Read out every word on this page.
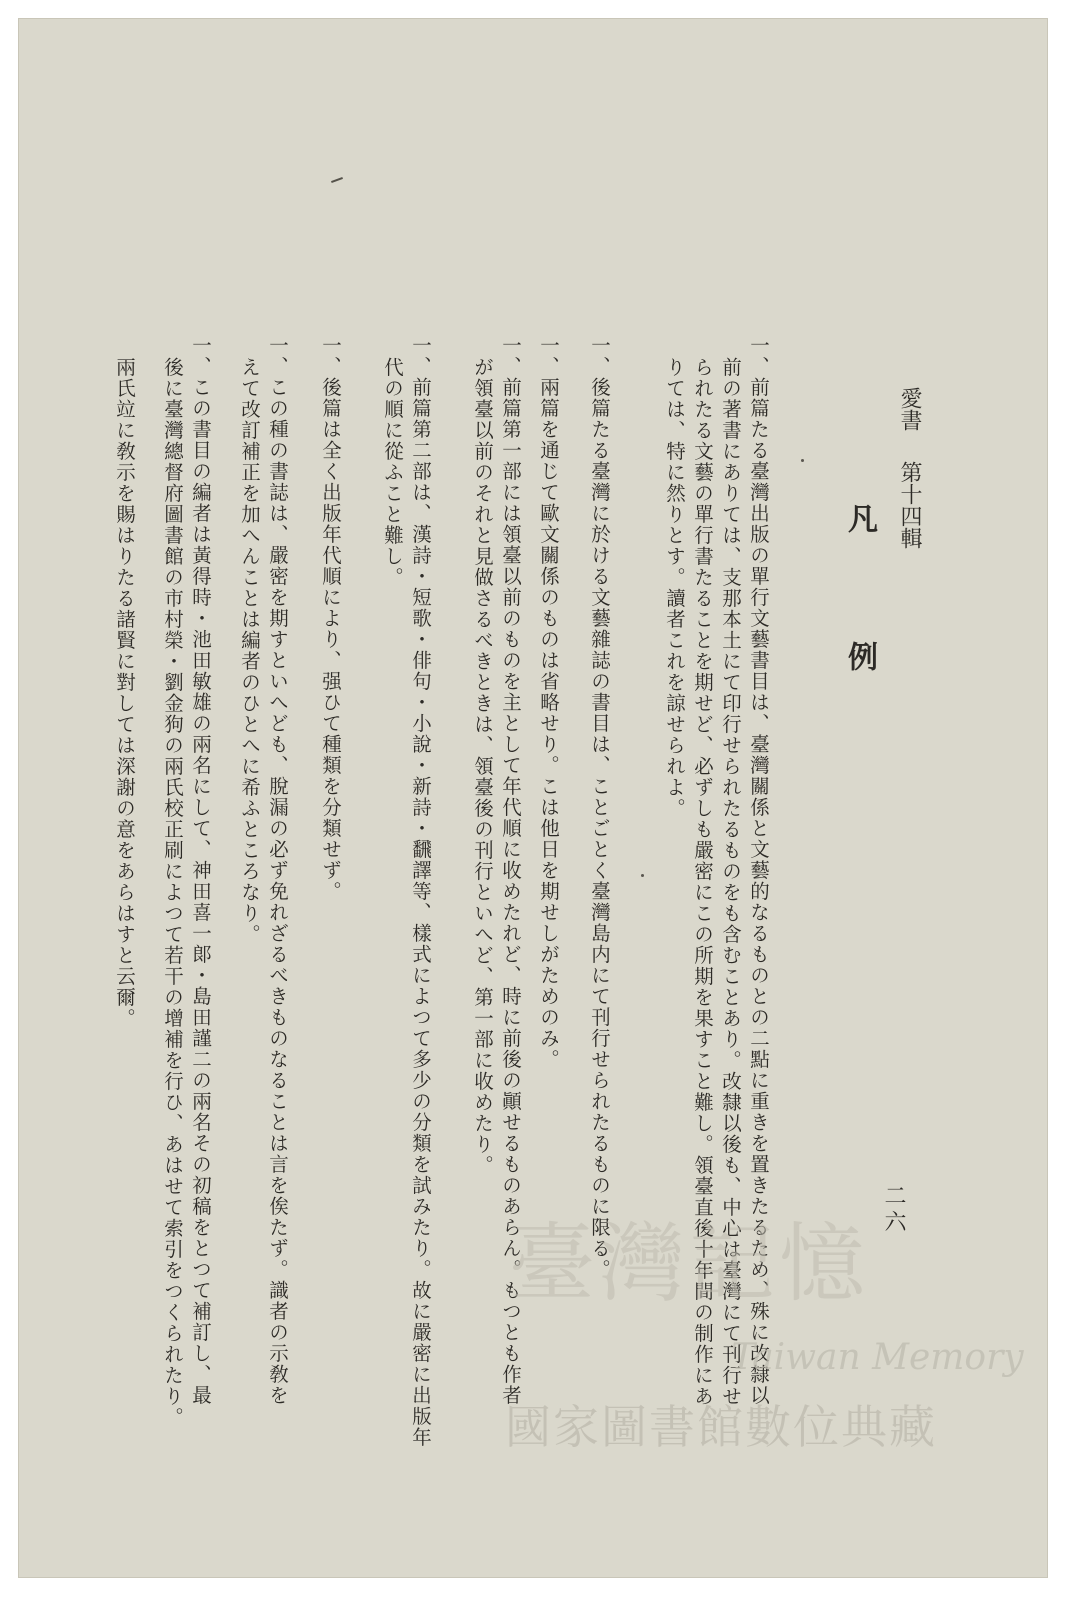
愛書第十四輯
凡例
二六
一、前篇たる臺灣出版の單行文藝書目は、臺灣關係と文藝的なるものとの二點に重きを置きたるため、殊に改隸以
前の著書にありては、支那本土にて印行せられたるものをも含むことあり。改隸以後も、中心は臺灣にて刊行せ
られたる文藝の單行書たることを期せど、必ずしも嚴密にこの所期を果すこと難し。領臺直後十年間の制作にあ
りては、特に然りとす。讀者これを諒せられよ。
一、後篇たる臺灣に於ける文藝雜誌の書目は、ことごとく臺灣島内にて刊行せられたるものに限る。
一、兩篇を通じて歐文關係のものは省略せり。こは他日を期せしがためのみ。
一、前篇第一部には領臺以前のものを主として年代順に收めたれど、時に前後の顚せるものあらん。もつとも作者
が領臺以前のそれと見做さるべきときは、領臺後の刊行といへど、第一部に收めたり。
一、前篇第二部は、漢詩・短歌・俳句・小說・新詩・飜譯等、樣式によつて多少の分類を試みたり。故に嚴密に出版年
代の順に從ふこと難し。
一、後篇は全く出版年代順により、强ひて種類を分類せず。
一、この種の書誌は、嚴密を期すといへども、脫漏の必ず免れざるべきものなることは言を俟たず。識者の示敎を
えて改訂補正を加へんことは編者のひとへに希ふところなり。
一、この書目の編者は黃得時・池田敏雄の兩名にして、神田喜一郞・島田謹二の兩名その初稿をとつて補訂し、最
後に臺灣總督府圖書館の市村榮・劉金狗の兩氏校正刷によつて若干の增補を行ひ、あはせて索引をつくられたり。
兩氏竝に敎示を賜はりたる諸賢に對しては深謝の意をあらはすと云爾。
臺灣記憶
Taiwan Memory
國家圖書館數位典藏
